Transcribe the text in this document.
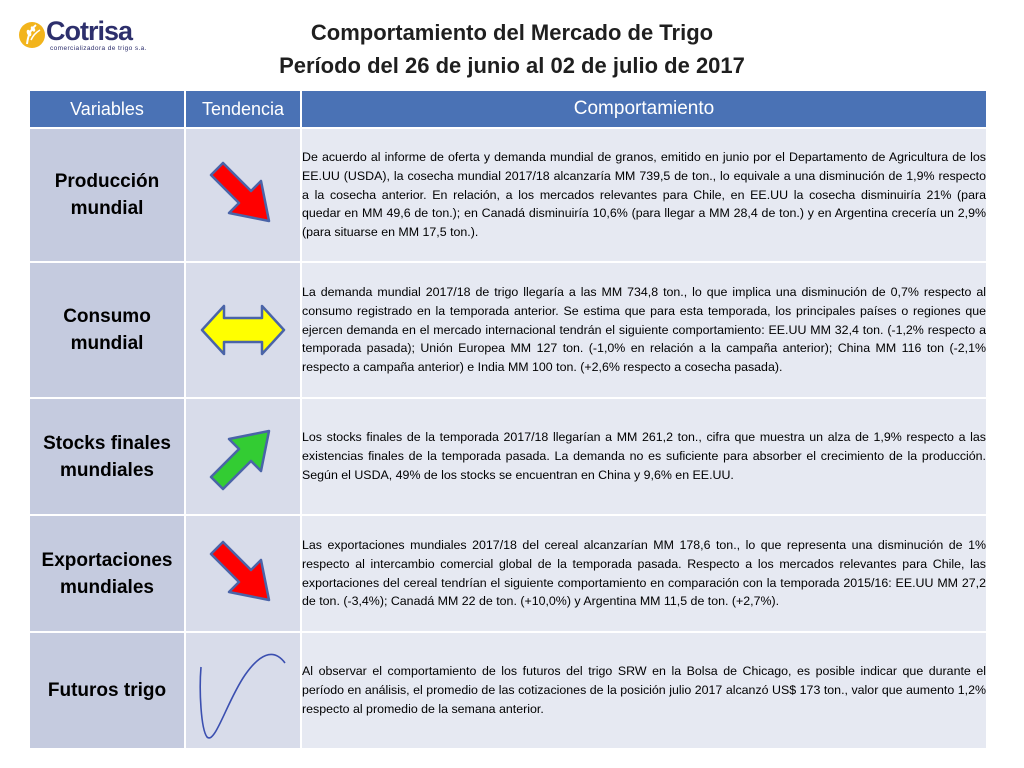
Cotrisa
comercializadora de trigo s.a.
Comportamiento del Mercado de Trigo
Período del 26 de junio al 02 de julio de 2017
Variables	Tendencia	Comportamiento
Producción mundial		De acuerdo al informe de oferta y demanda mundial de granos, emitido en junio por el Departamento de Agricultura de los EE.UU (USDA), la cosecha mundial 2017/18 alcanzaría MM 739,5 de ton., lo equivale a una disminución de 1,9% respecto a la cosecha anterior. En relación, a los mercados relevantes para Chile, en EE.UU la cosecha disminuiría 21% (para quedar en MM 49,6 de ton.); en Canadá disminuiría 10,6% (para llegar a MM 28,4 de ton.) y en Argentina crecería un 2,9% (para situarse en MM 17,5 ton.).
Consumo mundial		La demanda mundial 2017/18 de trigo llegaría a las MM 734,8 ton., lo que implica una disminución de 0,7% respecto al consumo registrado en la temporada anterior. Se estima que para esta temporada, los principales países o regiones que ejercen demanda en el mercado internacional tendrán el siguiente comportamiento: EE.UU MM 32,4 ton. (-1,2% respecto a temporada pasada); Unión Europea MM 127 ton. (-1,0% en relación a la campaña anterior); China MM 116 ton (-2,1% respecto a campaña anterior) e India MM 100 ton. (+2,6% respecto a cosecha pasada).
Stocks finales mundiales		Los stocks finales de la temporada 2017/18 llegarían a MM 261,2 ton., cifra que muestra un alza de 1,9% respecto a las existencias finales de la temporada pasada. La demanda no es suficiente para absorber el crecimiento de la producción. Según el USDA, 49% de los stocks se encuentran en China y 9,6% en EE.UU.
Exportaciones mundiales		Las exportaciones mundiales 2017/18 del cereal alcanzarían MM 178,6 ton., lo que representa una disminución de 1% respecto al intercambio comercial global de la temporada pasada. Respecto a los mercados relevantes para Chile, las exportaciones del cereal tendrían el siguiente comportamiento en comparación con la temporada 2015/16: EE.UU MM 27,2 de ton. (-3,4%); Canadá MM 22 de ton. (+10,0%) y Argentina MM 11,5 de ton. (+2,7%).
Futuros trigo		Al observar el comportamiento de los futuros del trigo SRW en la Bolsa de Chicago, es posible indicar que durante el período en análisis, el promedio de las cotizaciones de la posición julio 2017 alcanzó US$ 173 ton., valor que aumento 1,2% respecto al promedio de la semana anterior.
